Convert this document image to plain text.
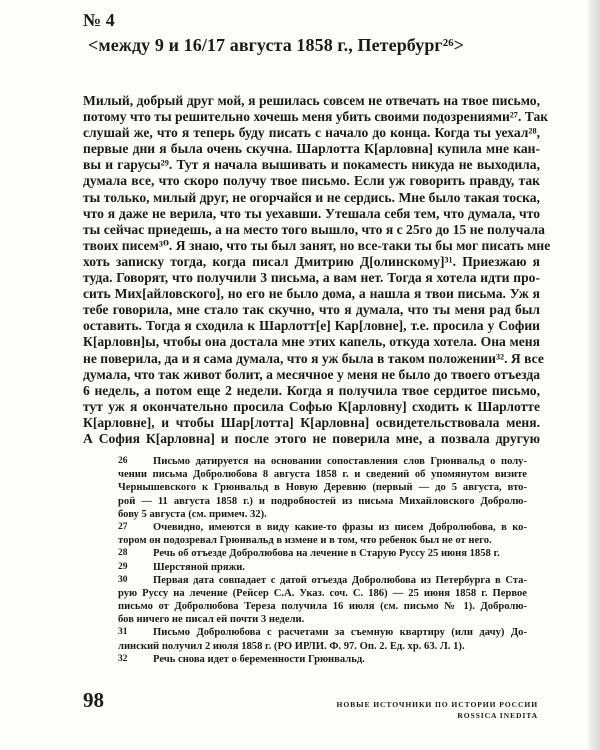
№ 4
<между 9 и 16/17 августа 1858 г., Петербург²⁶>
Милый, добрый друг мой, я решилась совсем не отвечать на твое письмо,
потому что ты решительно хочешь меня убить своими подозрениями²⁷. Так
слушай же, что я теперь буду писать с начало до конца. Когда ты уехал²⁸,
первые дни я была очень скучна. Шарлотта К[арловна] купила мне кан-
вы и гарусы²⁹. Тут я начала вышивать и покаместь никуда не выходила,
думала все, что скоро получу твое письмо. Если уж говорить правду, так
ты только, милый друг, не огорчайся и не сердись. Мне было такая тоска,
что я даже не верила, что ты уехавши. Утешала себя тем, что думала, что
ты сейчас приедешь, а на место того вышло, что я с 25го до 15 не получала
твоих писем³⁰. Я знаю, что ты был занят, но все-таки ты бы мог писать мне
хоть записку тогда, когда писал Дмитрию Д[олинскому]³¹. Приезжаю я
туда. Говорят, что получили 3 письма, а вам нет. Тогда я хотела идти про-
сить Мих[айловского], но его не было дома, а нашла я твои письма. Уж я
тебе говорила, мне стало так скучно, что я думала, что ты меня рад был
оставить. Тогда я сходила к Шарлотт[е] Кар[ловне], т.е. просила у Софии
К[арловн]ы, чтобы она достала мне этих капель, откуда хотела. Она меня
не поверила, да и я сама думала, что я уж была в таком положении³². Я все
думала, что так живот болит, а месячное у меня не было до твоего отъезда
6 недель, а потом еще 2 недели. Когда я получила твое сердитое письмо,
тут уж я окончательно просила Софью К[арловну] сходить к Шарлотте
К[арловне], и чтобы Шар[лотта] К[арловна] освидетельствовала меня.
А София К[арловна] и после этого не поверила мне, а позвала другую
26 Письмо датируется на основании сопоставления слов Грюнвальд о полу-
чении письма Добролюбова 8 августа 1858 г. и сведений об упомянутом визите
Чернышевского к Грюнвальд в Новую Деревню (первый — до 5 августа, вто-
рой — 11 августа 1858 г.) и подробностей из письма Михайловского Добролю-
бову 5 августа (см. примеч. 32).
27 Очевидно, имеются в виду какие-то фразы из писем Добролюбова, в ко-
тором он подозревал Грюнвальд в измене и в том, что ребенок был не от него.
28 Речь об отъезде Добролюбова на лечение в Старую Руссу 25 июня 1858 г.
29 Шерстяной пряжи.
30 Первая дата совпадает с датой отъезда Добролюбова из Петербурга в Ста-
рую Руссу на лечение (Рейсер С.А. Указ. соч. С. 186) — 25 июня 1858 г. Первое
письмо от Добролюбова Тереза получила 16 июля (см. письмо № 1). Добролю-
бов ничего не писал ей почти 3 недели.
31 Письмо Добролюбова с расчетами за съемную квартиру (или дачу) До-
линский получил 2 июля 1858 г. (РО ИРЛИ. Ф. 97. Оп. 2. Ед. хр. 63. Л. 1).
32 Речь снова идет о беременности Грюнвальд.
98	НОВЫЕ ИСТОЧНИКИ ПО ИСТОРИИ РОССИИ
ROSSICA INEDITA
